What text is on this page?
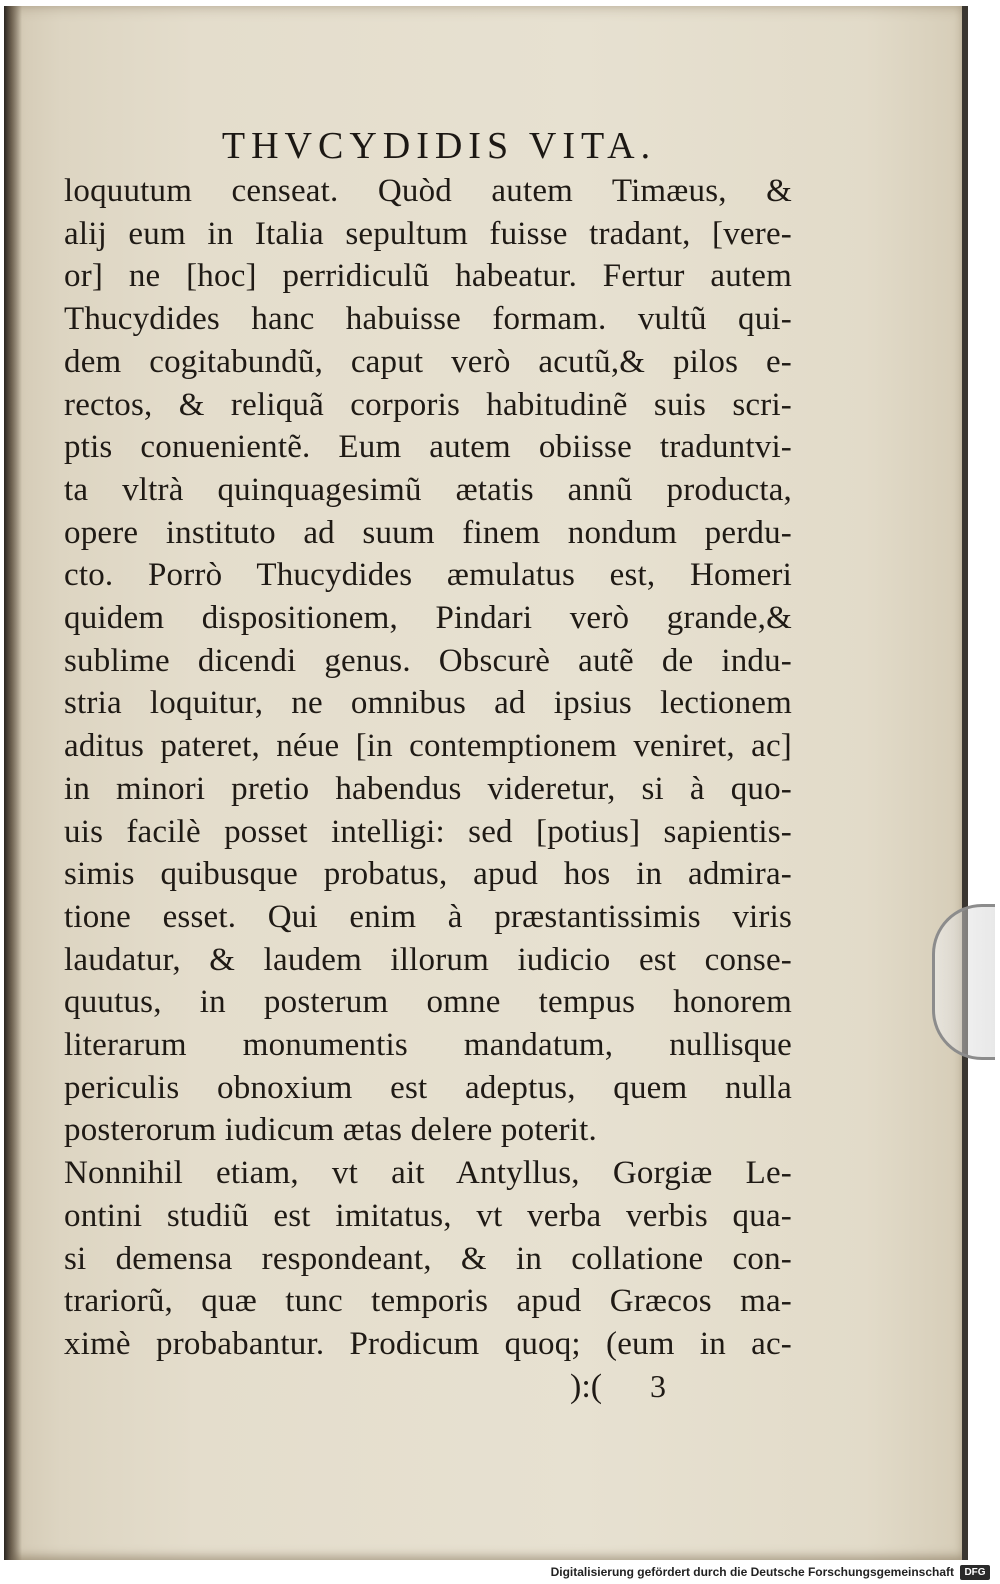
THVCYDIDIS VITA.
loquutum censeat. Quòd autem Timæus, &
alij eum in Italia sepultum fuisse tradant, [vere-
or] ne [hoc] perridiculũ habeatur. Fertur autem
Thucydides hanc habuisse formam. vultũ qui-
dem cogitabundũ, caput verò acutũ,& pilos e-
rectos, & reliquã corporis habitudinẽ suis scri-
ptis conuenientẽ. Eum autem obiisse traduntvi-
ta vltrà quinquagesimũ ætatis annũ producta,
opere instituto ad suum finem nondum perdu-
cto. Porrò Thucydides æmulatus est, Homeri
quidem dispositionem, Pindari verò grande,&
sublime dicendi genus. Obscurè autẽ de indu-
stria loquitur, ne omnibus ad ipsius lectionem
aditus pateret, néue [in contemptionem veniret, ac]
in minori pretio habendus videretur, si à quo-
uis facilè posset intelligi: sed [potius] sapientis-
simis quibusque probatus, apud hos in admira-
tione esset. Qui enim à præstantissimis viris
laudatur, & laudem illorum iudicio est conse-
quutus, in posterum omne tempus honorem
literarum monumentis mandatum, nullisque
periculis obnoxium est adeptus, quem nulla
posterorum iudicum ætas delere poterit.
Nonnihil etiam, vt ait Antyllus, Gorgiæ Le-
ontini studiũ est imitatus, vt verba verbis qua-
si demensa respondeant, & in collatione con-
trariorũ, quæ tunc temporis apud Græcos ma-
ximè probabantur. Prodicum quoq; (eum in ac-
):( 3
Digitalisierung gefördert durch die Deutsche Forschungsgemeinschaft	DFG
